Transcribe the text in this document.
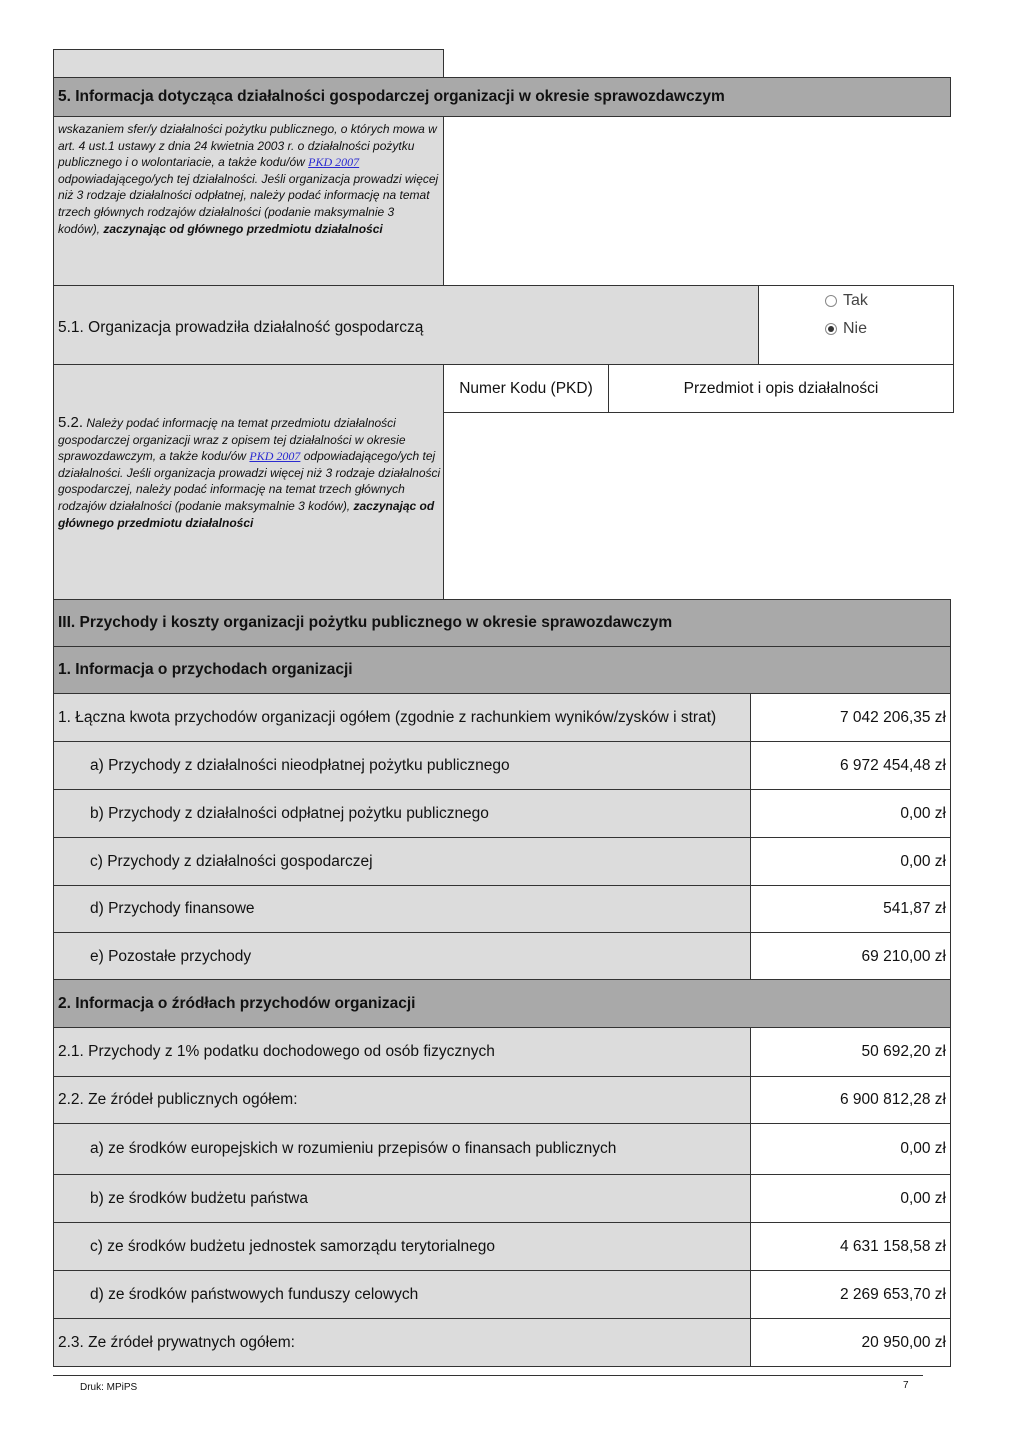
5. Informacja dotycząca działalności gospodarczej organizacji w okresie sprawozdawczym
wskazaniem sfer/y działalności pożytku publicznego, o których mowa w art. 4 ust.1 ustawy z dnia 24 kwietnia 2003 r. o działalności pożytku publicznego i o wolontariacie, a także kodu/ów PKD 2007 odpowiadającego/ych tej działalności. Jeśli organizacja prowadzi więcej niż 3 rodzaje działalności odpłatnej, należy podać informację na temat trzech głównych rodzajów działalności (podanie maksymalnie 3 kodów), zaczynając od głównego przedmiotu działalności
5.1. Organizacja prowadziła działalność gospodarczą
Tak
Nie
5.2. Należy podać informację na temat przedmiotu działalności gospodarczej organizacji wraz z opisem tej działalności w okresie sprawozdawczym, a także kodu/ów PKD 2007 odpowiadającego/ych tej działalności. Jeśli organizacja prowadzi więcej niż 3 rodzaje działalności gospodarczej, należy podać informację na temat trzech głównych rodzajów działalności (podanie maksymalnie 3 kodów), zaczynając od głównego przedmiotu działalności
Numer Kodu (PKD)	Przedmiot i opis działalności
III. Przychody i koszty organizacji pożytku publicznego w okresie sprawozdawczym
1. Informacja o przychodach organizacji
1. Łączna kwota przychodów organizacji ogółem (zgodnie z rachunkiem wyników/zysków i strat)	7 042 206,35 zł
a) Przychody z działalności nieodpłatnej pożytku publicznego	6 972 454,48 zł
b) Przychody z działalności odpłatnej pożytku publicznego	0,00 zł
c) Przychody z działalności gospodarczej	0,00 zł
d) Przychody finansowe	541,87 zł
e) Pozostałe przychody	69 210,00 zł
2. Informacja o źródłach przychodów organizacji
2.1. Przychody z 1% podatku dochodowego od osób fizycznych	50 692,20 zł
2.2. Ze źródeł publicznych ogółem:	6 900 812,28 zł
a) ze środków europejskich w rozumieniu przepisów o finansach publicznych	0,00 zł
b) ze środków budżetu państwa	0,00 zł
c) ze środków budżetu jednostek samorządu terytorialnego	4 631 158,58 zł
d) ze środków państwowych funduszy celowych	2 269 653,70 zł
2.3. Ze źródeł prywatnych ogółem:	20 950,00 zł
Druk: MPiPS	7
